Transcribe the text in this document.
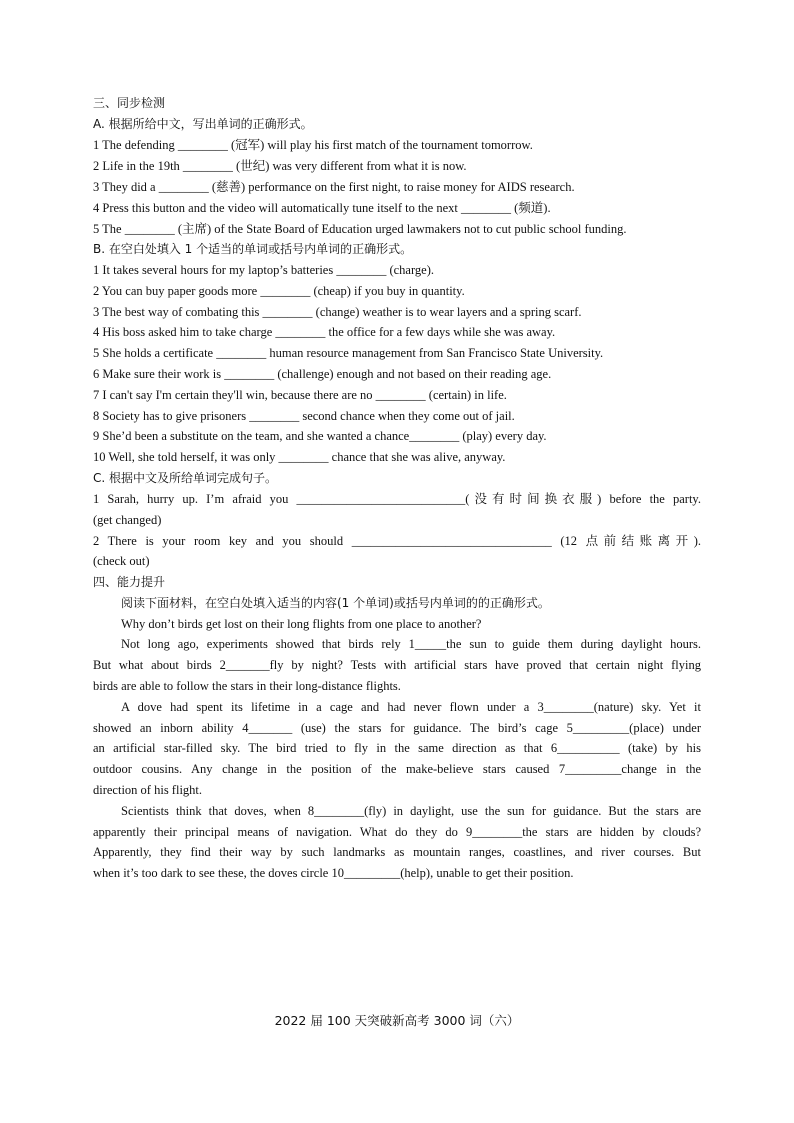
三、同步检测
A. 根据所给中文，写出单词的正确形式。
1 The defending ________ (冠军) will play his first match of the tournament tomorrow.
2 Life in the 19th ________ (世纪) was very different from what it is now.
3 They did a ________ (慈善) performance on the first night, to raise money for AIDS research.
4 Press this button and the video will automatically tune itself to the next ________ (频道).
5 The ________ (主席) of the State Board of Education urged lawmakers not to cut public school funding.
B. 在空白处填入 1 个适当的单词或括号内单词的正确形式。
1 It takes several hours for my laptop’s batteries ________ (charge).
2 You can buy paper goods more ________ (cheap) if you buy in quantity.
3 The best way of combating this ________ (change) weather is to wear layers and a spring scarf.
4 His boss asked him to take charge ________ the office for a few days while she was away.
5 She holds a certificate ________ human resource management from San Francisco State University.
6 Make sure their work is ________ (challenge) enough and not based on their reading age.
7 I can't say I'm certain they'll win, because there are no ________ (certain) in life.
8 Society has to give prisoners ________ second chance when they come out of jail.
9 She’d been a substitute on the team, and she wanted a chance________ (play) every day.
10 Well, she told herself, it was only ________ chance that she was alive, anyway.
C. 根据中文及所给单词完成句子。
1 Sarah, hurry up. I’m afraid you ___________________________(没有时间换衣服) before the party.
(get changed)
2 There is your room key and you should ________________________________ (12 点前结账离开).
(check out)
四、能力提升
阅读下面材料，在空白处填入适当的内容(1 个单词)或括号内单词的的正确形式。
Why don’t birds get lost on their long flights from one place to another?
Not long ago, experiments showed that birds rely 1_____the sun to guide them during daylight hours.
But what about birds 2_______fly by night? Tests with artificial stars have proved that certain night flying
birds are able to follow the stars in their long-distance flights.
A dove had spent its lifetime in a cage and had never flown under a 3________(nature) sky. Yet it
showed an inborn ability 4_______ (use) the stars for guidance. The bird’s cage 5_________(place) under
an artificial star-filled sky. The bird tried to fly in the same direction as that 6__________ (take) by his
outdoor cousins. Any change in the position of the make-believe stars caused 7_________change in the
direction of his flight.
Scientists think that doves, when 8________(fly) in daylight, use the sun for guidance. But the stars are
apparently their principal means of navigation. What do they do 9________the stars are hidden by clouds?
Apparently, they find their way by such landmarks as mountain ranges, coastlines, and river courses. But
when it’s too dark to see these, the doves circle 10_________(help), unable to get their position.
2022 届 100 天突破新高考 3000 词（六）
